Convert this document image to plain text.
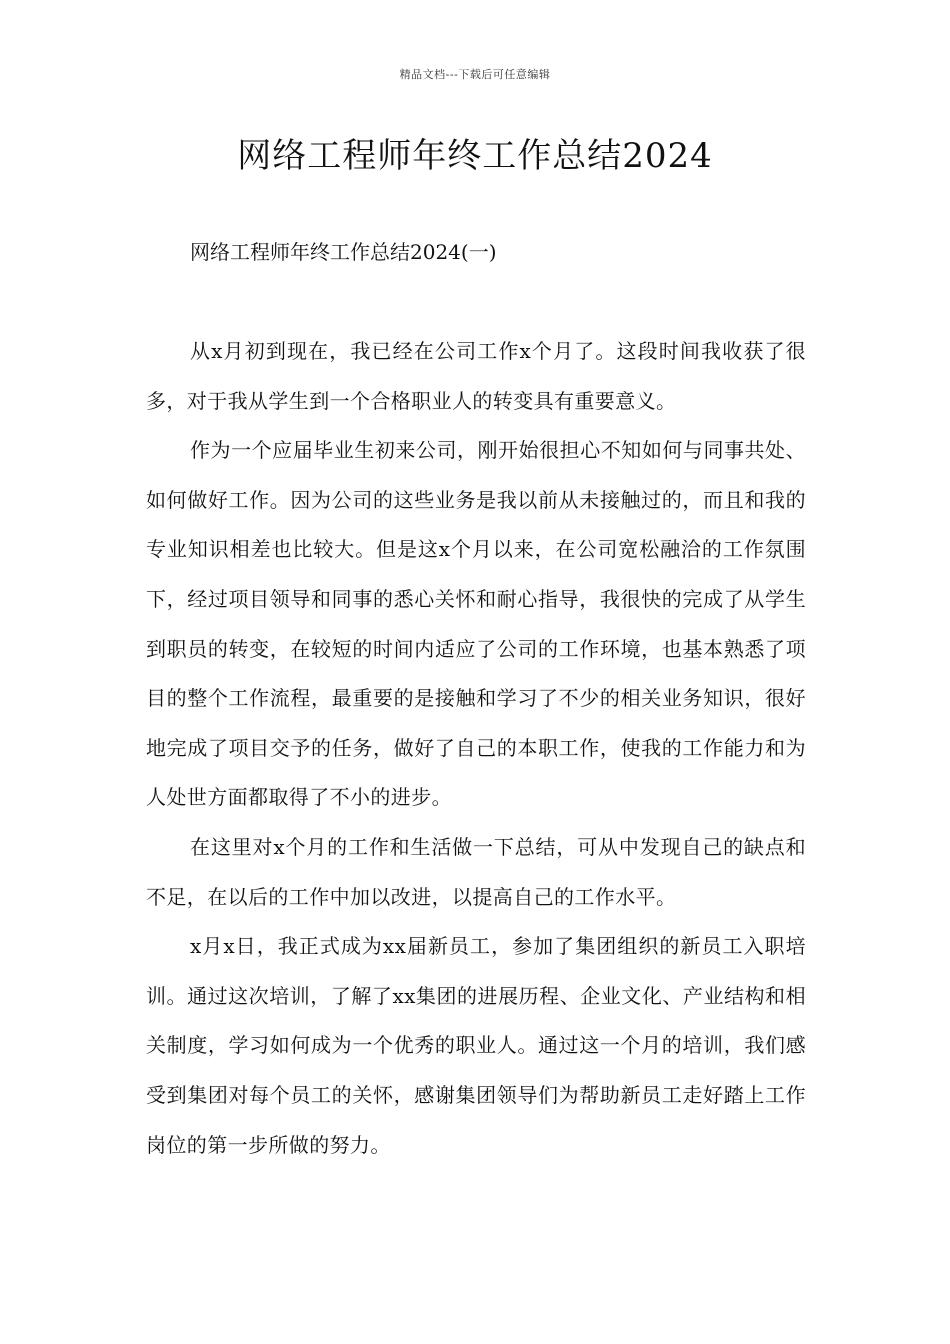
精品文档---下载后可任意编辑
网络工程师年终工作总结2024

网络工程师年终工作总结2024(一)

从x月初到现在，我已经在公司工作x个月了。这段时间我收获了很多，对于我从学生到一个合格职业人的转变具有重要意义。

作为一个应届毕业生初来公司，刚开始很担心不知如何与同事共处、如何做好工作。因为公司的这些业务是我以前从未接触过的，而且和我的专业知识相差也比较大。但是这x个月以来，在公司宽松融洽的工作氛围下，经过项目领导和同事的悉心关怀和耐心指导，我很快的完成了从学生到职员的转变，在较短的时间内适应了公司的工作环境，也基本熟悉了项目的整个工作流程，最重要的是接触和学习了不少的相关业务知识，很好地完成了项目交予的任务，做好了自己的本职工作，使我的工作能力和为人处世方面都取得了不小的进步。

在这里对x个月的工作和生活做一下总结，可从中发现自己的缺点和不足，在以后的工作中加以改进，以提高自己的工作水平。

x月x日，我正式成为xx届新员工，参加了集团组织的新员工入职培训。通过这次培训，了解了xx集团的进展历程、企业文化、产业结构和相关制度，学习如何成为一个优秀的职业人。通过这一个月的培训，我们感受到集团对每个员工的关怀，感谢集团领导们为帮助新员工走好踏上工作岗位的第一步所做的努力。
